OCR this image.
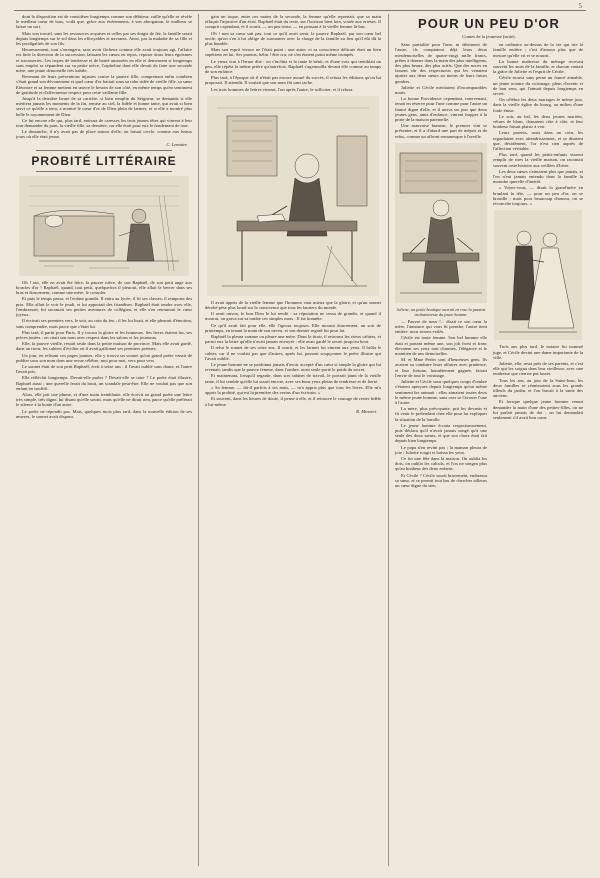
5

dont la disposition est de considérer longtemps comme son débiteur, vaille qu'elle se révèle le meilleur cœur de tous, voilà que, grâce aux événements, à son abrogation, le malheur se laisse un sort.

Mais son travail, sans les ressources acquises et celles par ses doigts de fée, la famille serait depuis longtemps sur le sol dans les effroyables et navrants. Ainsi, par la maladie de sa fille et les prodigalités de son fils.

Heureusement, tout s'arrangera, sans avoir fâcheux comme elle avait toujours agi, l'affaire est finie la direction de la succession, laissant les cœurs en repos, reposer doux leurs égoïsmes et tracasseries. Les tropes de tendresse et de bonté amassées en elle et demeurent si longtemps sans emploi se répandent sur sa petite nièce, l'orpheline dont elle devait de faire une seconde mère, une jeune demoiselle très habile.

Revenant de leurs préventions injustes contre la pauvre fille, comprenant enfin combien s'était grand son dévouement et quel cœur d'or battait sous sa robe ridée de vieille fille, sa sœur Eléonore et sa femme mettent en œuvre le besoin de son côté, en même temps qu'en sentiment de gratitude et d'affectueuse respect pour cette vaillante fille.

Jusqu'à la dernière heure de sa carrière, si bien remplie du Seigneur, se demanda si elle méritera jamais les moments de la fin, remise au ciel, la fidèle et bonne tante, qui avait si bien servi ce qu'elle a tenu, a montré le cœur d'or de Dieu plein de larmes, et si elle a montré plus belle le rayonnement de Dieu.

Ce fut encore elle qui, plus tard, entoura de caresses les trois jeunes têtes qui vinrent à leur tour demander du pain, la vieille fille, sa dernière, car elle était pour eux le fondement de tout.

Le dimanche, il n'y avait pas de place autour d'elle, on faisait cercle, comme aux beaux jours où elle était jeune.

C. Lemaire.
PROBITÉ LITTÉRAIRE

Oh ! oui, elle en avait été fière, la pauvre nièce, de son Raphaël, de son petit ange aux boucles d'or ! Raphaël, quand, tout petit, quelquefois il pleurait, elle allait le bercer dans ses bras et doucement, comme une mère, le consoler.

Et puis le temps passa, et l'enfant grandit. Il entra au lycée, il fit ses classes, il remporta des prix. Elle allait le voir le jeudi, et lui apportait des friandises. Raphaël était tendre avec elle, l'embrassait, lui racontait ses petites aventures de collégien, et elle s'en retournait le cœur joyeux.

Il écrivait ses premiers vers, le soir, au coin du feu ; il les lui lisait, et elle pleurait d'émotion, sans comprendre, mais parce que c'était lui.

Plus tard, il partit pour Paris. Il y trouva la gloire et les honneurs. Ses livres étaient lus, ses pièces jouées ; on citait son nom avec respect dans les salons et les journaux.

Elle, la pauvre vieille, restait seule dans la petite maison de province. Mais elle avait gardé, dans un tiroir, les cahiers d'écolier où il avait griffonné ses premiers poèmes.

Un jour, en relisant ces pages jaunies, elle y trouva un sonnet qu'un grand poète venait de publier sous son nom dans une revue célèbre, mot pour mot, vers pour vers.

Le sonnet était de son petit Raphaël, écrit à seize ans ; il l'avait oublié sans doute, et l'autre l'avait pris.

Elle réfléchit longtemps. Devait-elle parler ? Devait-elle se taire ? Le poète était illustre, Raphaël aussi ; une querelle ferait du bruit, un scandale peut-être. Elle ne voulait pas que son enfant en souffrît.

Alors, elle prit une plume, et d'une main tremblante, elle écrivit au grand poète une lettre très simple, très digne, lui disant qu'elle savait, mais qu'elle ne dirait rien, parce qu'elle préférait le silence à la honte d'un autre.

Le poète ne répondit pas. Mais, quelques mois plus tard, dans la nouvelle édition de ses œuvres, le sonnet avait disparu.

gain un toque, entre ces mains de la seconde, la femme qu'elle reprenait, que sa main effaçait l'injustice d'un écrit. Raphaël était du reste, sur l'horizon bien loin, vouée aux erreurs. Il comprit cependant, et il sourit, — un peu triste, — en pensant à la vieille femme là-bas.

Oh ! non sa cœur sait pas, tout ce qu'il avait senti, le pauvre Raphaël, par son cœur bel oncle, qu'on s'en à lui oblige de surmonter avec la charge de la famille au lieu qu'il eût dû la plus humble.

Mais son esprit vivace ne l'était point : une autre, et sa conscience délicate était un bien supérieur en lui. Ses parents, hélas ! être cru, ne s'en étaient point même trompés.

Le vieux vint à l'heure dite : on s'inclina et la tante le bénit, et d'une voix qui tremblait un peu, elle répéta la même prière qu'autrefois. Raphaël s'agenouilla devant elle comme au temps de son enfance.

Plus tard, à l'époque où il n'était pas encore assuré du succès, il refusa les éditions qu'on lui proposait. Il attendit. Il voulait que son nom fût sans tache.

Les trois hommes de lettres vinrent, l'un après l'autre, le solliciter, et il refusa.

Il avait appris de la vieille femme que l'honneur vaut mieux que la gloire, et qu'un sonnet dérobé pèse plus lourd sur la conscience que tous les lauriers du monde.

Il avait raison, le bon Dieu le lui rendit : sa réputation ne cessa de grandir, et quand il mourut, on grava sur sa tombe ces simples mots : Il fut honnête.

Ce qu'il avait fait pour elle, elle l'ignora toujours. Elle mourut doucement, un soir de printemps, en tenant la main de son neveu, et son dernier regard fut pour lui.

Raphaël la pleura comme on pleure une mère. Dans le tiroir, il retrouva les vieux cahiers, et parmi eux la lettre qu'elle n'avait jamais envoyée : elle avait gardé le secret jusqu'au bout.

Il relut le sonnet de ses seize ans. Il sourit, et les larmes lui vinrent aux yeux. Il brûla le cahier, car il ne voulait pas que d'autres, après lui, pussent soupçonner le poète illustre qui l'avait oublié.

Le jeune homme ne se pardonna jamais d'avoir accepté d'un cœur si simple la gloire qui lui revenait, tandis que la pauvre femme, dans l'ombre, avait seule porté le poids du secret.

Et maintenant, lorsqu'il regarde, dans son cabinet de travail, le portrait jauni de la vieille tante, il lui semble qu'elle lui sourit encore, avec ses bons yeux pleins de tendresse et de fierté.

« Sa femme, — dit-il parfois à ses amis, — m'a appris plus que tous les livres. Elle m'a appris la probité, qui est la première des vertus d'un écrivain. »

Et souvent, dans les heures de doute, il pense à elle, et il retrouve le courage de rester fidèle à lui-même.

R. Minoret.
POUR UN PEU D'OR
Contes de la jeunesse (suite).

Sans partialité pour l'une, ni détriment de l'autre, ils comptaient déjà leurs deux mesdemoiselles de quatre-vingt mille francs, prêtes à donner dans la main des plus intelligents, des plus beaux, des plus actifs. Que des noces en fassent sûr des respectueux qui les venaient ajuster aux deux sœurs au moins de leurs futurs gendres.

Juliette et Cécile méritaient d'incomparables maris.

La bonne Providence cependant, intervenant, tenait en réserve pour l'une comme pour l'autre un fiancé digne d'elle, et il arriva un jour que deux jeunes gens, amis d'enfance, vinrent frapper à la porte de la maison paternelle.

Une mauvaise humeur, le premier vint se présenter, et il a d'abord une part de mépris et de refus, comme un affront romanesque à l'oreille.

Juliette, au petite boutique ouvrait en rose la passion enchanteresse du jeune homme.

— Pauvre de nous !... disait ce son cœur la mère, l'annonce qui vous fit prendre, l'autre tient entière. nous serons exilés.

Cécile est toute femme. Son bel homme elle était et partant même une, son joli front et franc élevaient ses yeux tout charmés, l'élégance et le maintien de nos demoiselles.

M. et Mme Perlet sont d'heureuses gens. Ils avaient su conduire leurs affaires avec prudence, et leur fortune, honnêtement gagnée, faisait l'envie de tout le voisinage.

Juliette et Cécile sous quelques coups d'ombre s'étaient aperçues depuis longtemps qu'un même sentiment les animait : elles aimaient toutes deux le même jeune homme, sans oser se l'avouer l'une à l'autre.

La mère, plus prévoyante, prit les devants et fit venir le prétendant chez elle pour lui expliquer la situation de la famille.

Le jeune homme écouta respectueusement, puis déclara qu'il n'avait jamais songé qu'à une seule des deux sœurs, et que son choix était fait depuis bien longtemps.

Le papa n'en revint pas ; la maman pleura de joie ; Juliette rougit et baissa les yeux.

Ce fut une fête dans la maison. On oublia les dots, on oublia les calculs, et l'on ne songea plus qu'au bonheur des deux enfants.

Et Cécile ? Cécile sourit bravement, embrassa sa sœur, et se promit tout bas de chercher ailleurs un cœur digne du sien.

en ordinaire au-dessus de la vie qui tire la famille entière ; c'est d'amour plus que de mesure qu'elle vit et se nourrit.

La bonne maîtresse du ménage recevait souvent les amis de la famille, et chacun vantait la grâce de Juliette et l'esprit de Cécile.

Cécile trouva sans peine un fiancé aimable, un jeune notaire du voisinage, plein d'avenir et de bon sens, qui l'aimait depuis longtemps en secret.

On célébra les deux mariages le même jour, dans la vieille église du bourg, au milieu d'une foule émue.

Le soir, au bal, les deux jeunes mariées, vêtues de blanc, dansaient côte à côte, et leur bonheur faisait plaisir à voir.

Leurs parents, assis dans un coin, les regardaient avec attendrissement, et se disaient que, décidément, l'or n'est rien auprès de l'affection véritable.

Plus tard, quand les petits-enfants vinrent remplir de rires la vieille maison, on racontait souvent cette histoire aux veillées d'hiver.

Les deux sœurs s'aimaient plus que jamais, et l'on n'eut jamais entendu dans la famille la moindre querelle d'intérêt.

« Voyez-vous, — disait la grand'mère en branlant la tête, — pour un peu d'or, on se brouille ; mais pour beaucoup d'amour, on se réconcilie toujours. »

Trois ans plus tard, le notaire fut nommé juge, et Cécile devint une dame importante de la ville.

Juliette, elle, resta près de ses parents, et c'est elle qui les soigna dans leur vieillesse, avec une tendresse que rien ne put lasser.

Tous les ans, au jour de la Saint-Jean, les deux familles se réunissaient sous les grands tilleuls du jardin, et l'on buvait à la santé des anciens.

Et lorsque quelque jeune homme venait demander la main d'une des petites-filles, on ne lui parlait jamais de dot : on lui demandait seulement s'il avait bon cœur.
